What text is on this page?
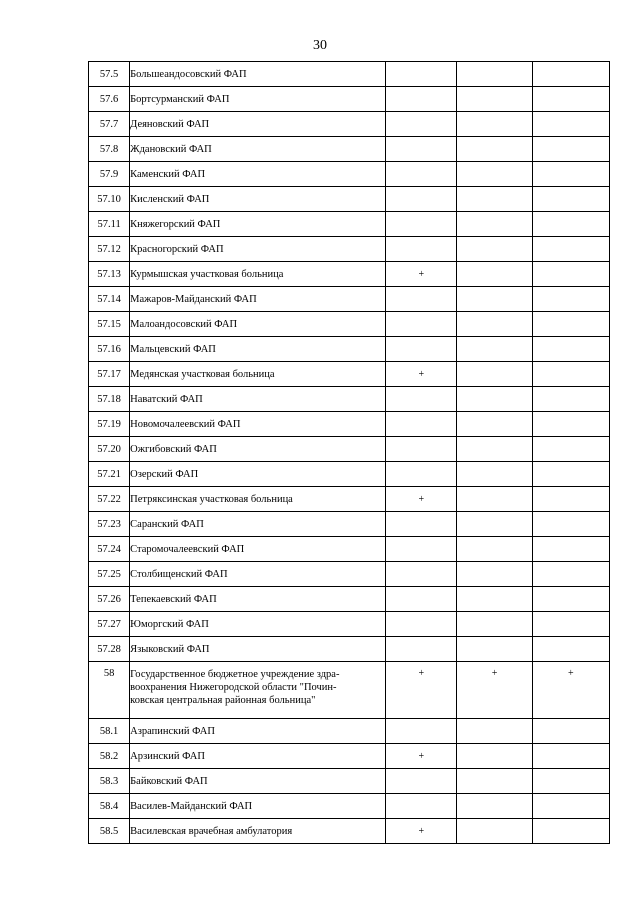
30
57.5	Большеандосовский ФАП			
57.6	Бортсурманский ФАП			
57.7	Деяновский ФАП			
57.8	Ждановский ФАП			
57.9	Каменский ФАП			
57.10	Кисленский ФАП			
57.11	Княжегорский ФАП			
57.12	Красногорский ФАП			
57.13	Курмышская участковая больница	+		
57.14	Мажаров-Майданский ФАП			
57.15	Малоандосовский ФАП			
57.16	Мальцевский ФАП			
57.17	Медянская участковая больница	+		
57.18	Наватский ФАП			
57.19	Новомочалеевский ФАП			
57.20	Ожгибовский ФАП			
57.21	Озерский ФАП			
57.22	Петряксинская участковая больница	+		
57.23	Саранский ФАП			
57.24	Старомочалеевский ФАП			
57.25	Столбищенский ФАП			
57.26	Тепекаевский ФАП			
57.27	Юморгский ФАП			
57.28	Языковский ФАП			
58	Государственное бюджетное учреждение здра-
воохранения Нижегородской области "Почин-
ковская центральная районная больница"	+	+	+
58.1	Азрапинский ФАП			
58.2	Арзинский ФАП	+		
58.3	Байковский ФАП			
58.4	Василев-Майданский ФАП			
58.5	Василевская врачебная амбулатория	+		
